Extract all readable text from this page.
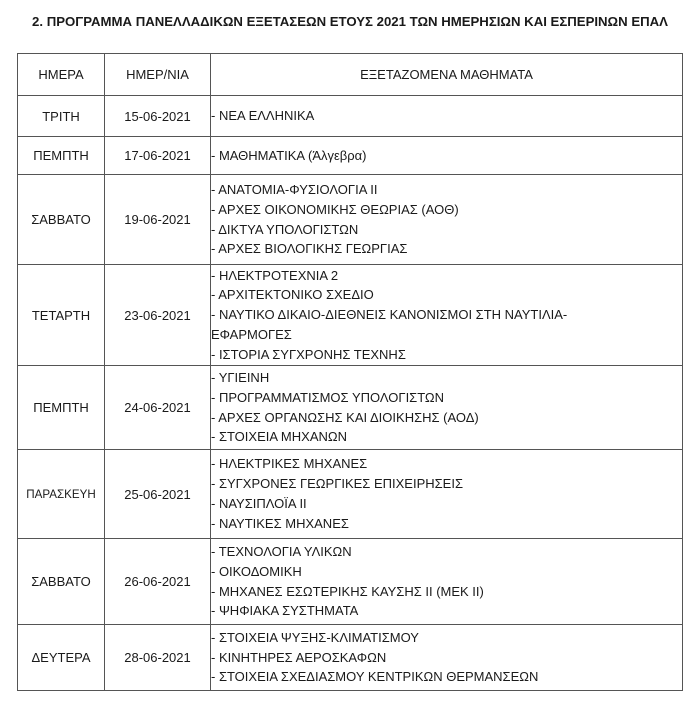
2. ΠΡΟΓΡΑΜΜΑ ΠΑΝΕΛΛΑΔΙΚΩΝ ΕΞΕΤΑΣΕΩΝ ΕΤΟΥΣ 2021 ΤΩΝ ΗΜΕΡΗΣΙΩΝ ΚΑΙ ΕΣΠΕΡΙΝΩΝ ΕΠΑΛ
ΗΜΕΡΑ	ΗΜΕΡ/ΝΙΑ	ΕΞΕΤΑΖΟΜΕΝΑ ΜΑΘΗΜΑΤΑ
ΤΡΙΤΗ	15-06-2021	- ΝΕΑ ΕΛΛΗΝΙΚΑ

ΠΕΜΠΤΗ	17-06-2021	- ΜΑΘΗΜΑΤΙΚΑ (Άλγεβρα)

ΣΑΒΒΑΤΟ	19-06-2021	- ΑΝΑΤΟΜΙΑ-ΦΥΣΙΟΛΟΓΙΑ ΙΙ
- ΑΡΧΕΣ ΟΙΚΟΝΟΜΙΚΗΣ ΘΕΩΡΙΑΣ (ΑΟΘ)
- ΔΙΚΤΥΑ ΥΠΟΛΟΓΙΣΤΩΝ
- ΑΡΧΕΣ ΒΙΟΛΟΓΙΚΗΣ ΓΕΩΡΓΙΑΣ

ΤΕΤΑΡΤΗ	23-06-2021	- ΗΛΕΚΤΡΟΤΕΧΝΙΑ 2
- ΑΡΧΙΤΕΚΤΟΝΙΚΟ ΣΧΕΔΙΟ
- ΝΑΥΤΙΚΟ ΔΙΚΑΙΟ-ΔΙΕΘΝΕΙΣ ΚΑΝΟΝΙΣΜΟΙ ΣΤΗ ΝΑΥΤΙΛΙΑ-
ΕΦΑΡΜΟΓΕΣ
- ΙΣΤΟΡΙΑ ΣΥΓΧΡΟΝΗΣ ΤΕΧΝΗΣ

ΠΕΜΠΤΗ	24-06-2021	- ΥΓΙΕΙΝΗ
- ΠΡΟΓΡΑΜΜΑΤΙΣΜΟΣ ΥΠΟΛΟΓΙΣΤΩΝ
- ΑΡΧΕΣ ΟΡΓΑΝΩΣΗΣ ΚΑΙ ΔΙΟΙΚΗΣΗΣ (ΑΟΔ)
- ΣΤΟΙΧΕΙΑ ΜΗΧΑΝΩΝ

ΠΑΡΑΣΚΕΥΗ	25-06-2021	- ΗΛΕΚΤΡΙΚΕΣ ΜΗΧΑΝΕΣ
- ΣΥΓΧΡΟΝΕΣ ΓΕΩΡΓΙΚΕΣ ΕΠΙΧΕΙΡΗΣΕΙΣ
- ΝΑΥΣΙΠΛΟΪΑ ΙΙ
- ΝΑΥΤΙΚΕΣ ΜΗΧΑΝΕΣ

ΣΑΒΒΑΤΟ	26-06-2021	- ΤΕΧΝΟΛΟΓΙΑ ΥΛΙΚΩΝ
- ΟΙΚΟΔΟΜΙΚΗ
- ΜΗΧΑΝΕΣ ΕΣΩΤΕΡΙΚΗΣ ΚΑΥΣΗΣ ΙΙ (ΜΕΚ ΙΙ)
- ΨΗΦΙΑΚΑ ΣΥΣΤΗΜΑΤΑ

ΔΕΥΤΕΡΑ	28-06-2021	- ΣΤΟΙΧΕΙΑ ΨΥΞΗΣ-ΚΛΙΜΑΤΙΣΜΟΥ
- ΚΙΝΗΤΗΡΕΣ ΑΕΡΟΣΚΑΦΩΝ
- ΣΤΟΙΧΕΙΑ ΣΧΕΔΙΑΣΜΟΥ ΚΕΝΤΡΙΚΩΝ ΘΕΡΜΑΝΣΕΩΝ
